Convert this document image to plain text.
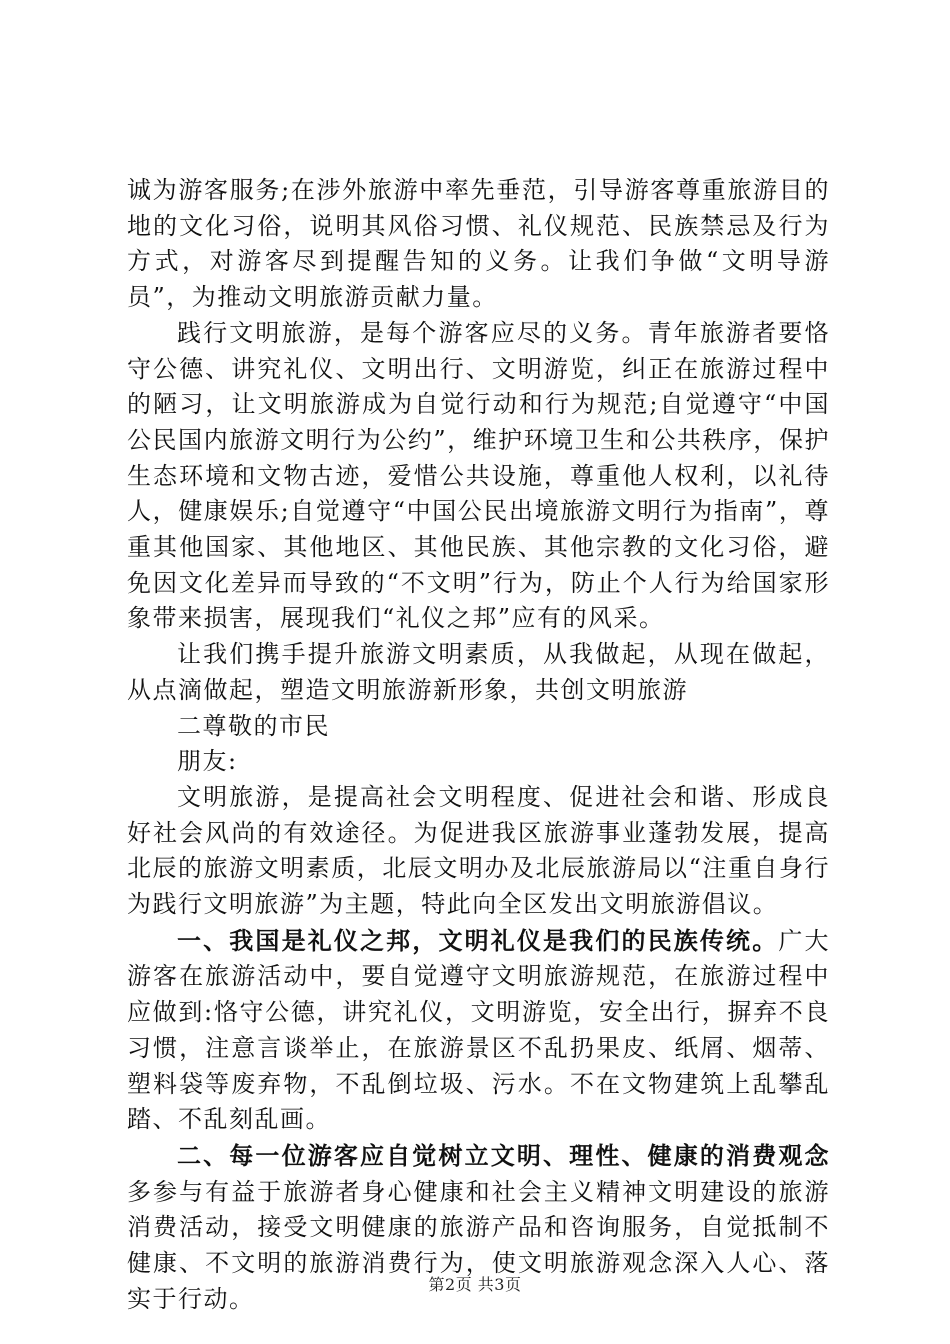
诚为游客服务;在涉外旅游中率先垂范，引导游客尊重旅游目的地的文化习俗，说明其风俗习惯、礼仪规范、民族禁忌及行为方式，对游客尽到提醒告知的义务。让我们争做“文明导游员”，为推动文明旅游贡献力量。

践行文明旅游，是每个游客应尽的义务。青年旅游者要恪守公德、讲究礼仪、文明出行、文明游览，纠正在旅游过程中的陋习，让文明旅游成为自觉行动和行为规范;自觉遵守“中国公民国内旅游文明行为公约”，维护环境卫生和公共秩序，保护生态环境和文物古迹，爱惜公共设施，尊重他人权利，以礼待人，健康娱乐;自觉遵守“中国公民出境旅游文明行为指南”，尊重其他国家、其他地区、其他民族、其他宗教的文化习俗，避免因文化差异而导致的“不文明”行为，防止个人行为给国家形象带来损害，展现我们“礼仪之邦”应有的风采。

让我们携手提升旅游文明素质，从我做起，从现在做起，从点滴做起，塑造文明旅游新形象，共创文明旅游

二尊敬的市民

朋友:

文明旅游，是提高社会文明程度、促进社会和谐、形成良好社会风尚的有效途径。为促进我区旅游事业蓬勃发展，提高北辰的旅游文明素质，北辰文明办及北辰旅游局以“注重自身行为践行文明旅游”为主题，特此向全区发出文明旅游倡议。

一、我国是礼仪之邦，文明礼仪是我们的民族传统。广大游客在旅游活动中，要自觉遵守文明旅游规范，在旅游过程中应做到:恪守公德，讲究礼仪，文明游览，安全出行，摒弃不良习惯，注意言谈举止，在旅游景区不乱扔果皮、纸屑、烟蒂、塑料袋等废弃物，不乱倒垃圾、污水。不在文物建筑上乱攀乱踏、不乱刻乱画。

二、每一位游客应自觉树立文明、理性、健康的消费观念多参与有益于旅游者身心健康和社会主义精神文明建设的旅游消费活动，接受文明健康的旅游产品和咨询服务，自觉抵制不健康、不文明的旅游消费行为，使文明旅游观念深入人心、落实于行动。

第2页 共3页
